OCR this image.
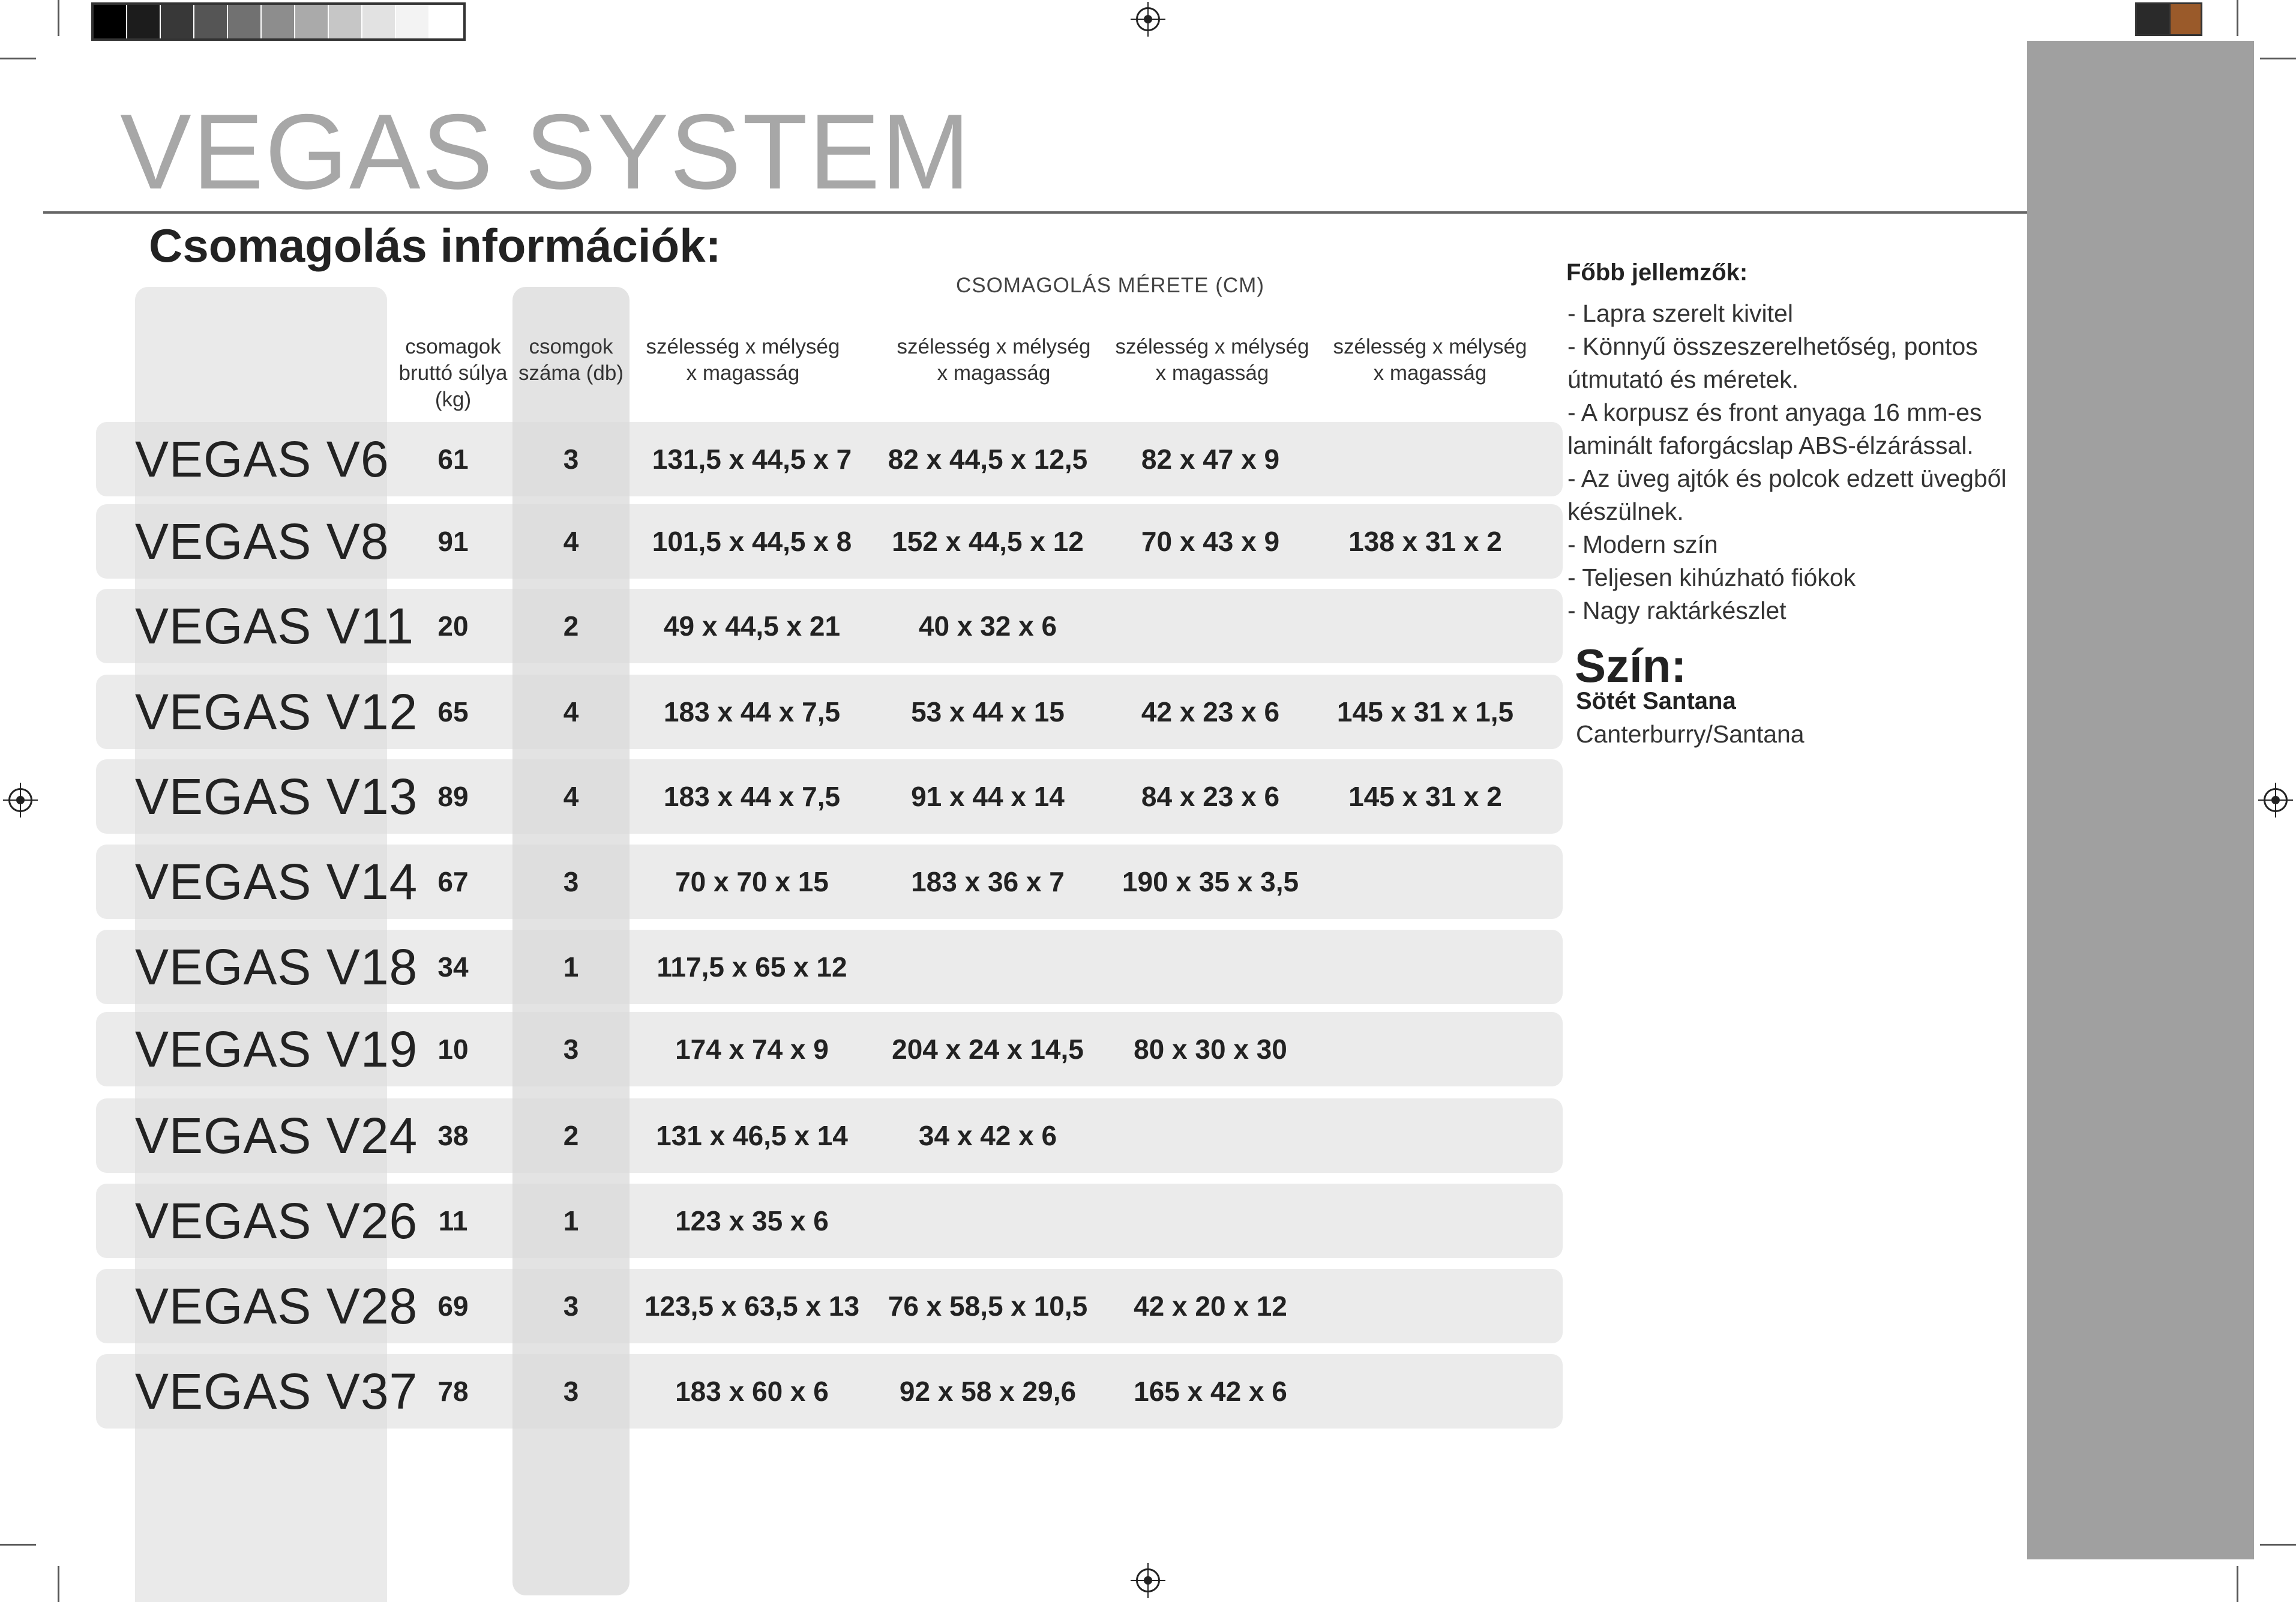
VEGAS SYSTEM
Csomagolás információk:
CSOMAGOLÁS MÉRETE (CM)
csomagok bruttó súlya (kg)
csomgok száma (db)
szélesség x mélység x magasság
szélesség x mélység x magasság
szélesség x mélység x magasság
szélesség x mélység x magasság
VEGAS V6	61	3	131,5 x 44,5 x 7	82 x 44,5 x 12,5	82 x 47 x 9
VEGAS V8	91	4	101,5 x 44,5 x 8	152 x 44,5 x 12	70 x 43 x 9	138 x 31 x 2
VEGAS V11 20	2	49 x 44,5 x 21	40 x 32 x 6
VEGAS V12 65	4	183 x 44 x 7,5	53 x 44 x 15	42 x 23 x 6	145 x 31 x 1,5
VEGAS V13 89	4	183 x 44 x 7,5	91 x 44 x 14	84 x 23 x 6	145 x 31 x 2
VEGAS V14 67	3	70 x 70 x 15	183 x 36 x 7	190 x 35 x 3,5
VEGAS V18 34	1	117,5 x 65 x 12
VEGAS V19 10	3	174 x 74 x 9	204 x 24 x 14,5	80 x 30 x 30
VEGAS V24 38	2	131 x 46,5 x 14	34 x 42 x 6
VEGAS V26 11	1	123 x 35 x 6
VEGAS V28 69	3	123,5 x 63,5 x 13	76 x 58,5 x 10,5	42 x 20 x 12
VEGAS V37 78	3	183 x 60 x 6	92 x 58 x 29,6	165 x 42 x 6
Főbb jellemzők:
- Lapra szerelt kivitel
- Könnyű összeszerelhetőség, pontos útmutató és méretek.
- A korpusz és front anyaga 16 mm-es laminált faforgácslap ABS-élzárással.
- Az üveg ajtók és polcok edzett üvegből készülnek.
- Modern szín
- Teljesen kihúzható fiókok
- Nagy raktárkészlet
Szín:
Sötét Santana
Canterburry/Santana
